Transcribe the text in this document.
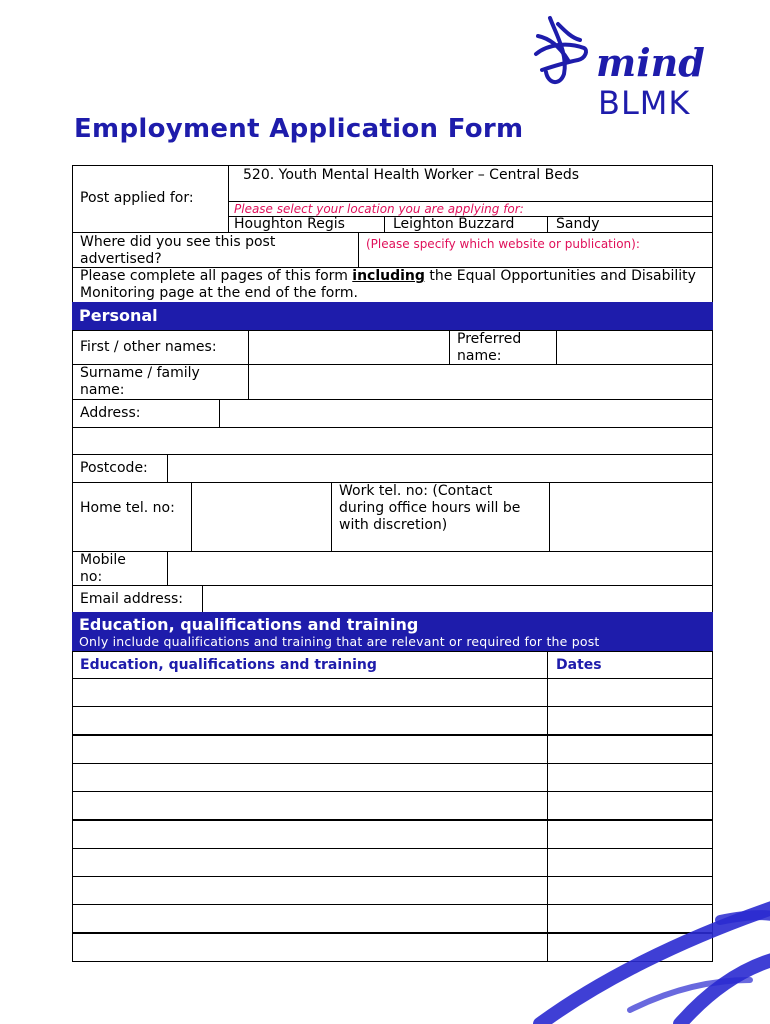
mind
BLMK
Employment Application Form
Post applied for:
520. Youth Mental Health Worker – Central Beds
Please select your location you are applying for:
Houghton Regis	Leighton Buzzard	Sandy
Where did you see this post advertised?
(Please specify which website or publication):
Please complete all pages of this form including the Equal Opportunities and Disability Monitoring page at the end of the form.
Personal
First / other names:	Preferred name:
Surname / family name:
Address:
Postcode:
Home tel. no:
Work tel. no: (Contact during office hours will be with discretion)
Mobile no:
Email address:
Education, qualifications and training
Only include qualifications and training that are relevant or required for the post
Education, qualifications and training	Dates
